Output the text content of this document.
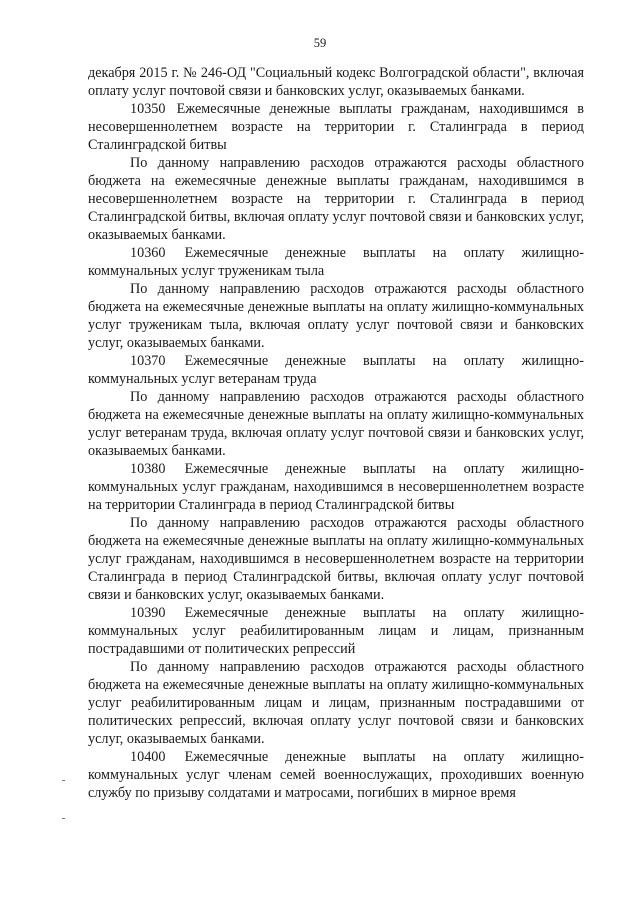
59

декабря 2015 г. № 246-ОД "Социальный кодекс Волгоградской области", включая оплату услуг почтовой связи и банковских услуг, оказываемых банками.

10350 Ежемесячные денежные выплаты гражданам, находившимся в несовершеннолетнем возрасте на территории г. Сталинграда в период Сталинградской битвы

По данному направлению расходов отражаются расходы областного бюджета на ежемесячные денежные выплаты гражданам, находившимся в несовершеннолетнем возрасте на территории г. Сталинграда в период Сталинградской битвы, включая оплату услуг почтовой связи и банковских услуг, оказываемых банками.

10360 Ежемесячные денежные выплаты на оплату жилищно-коммунальных услуг труженикам тыла

По данному направлению расходов отражаются расходы областного бюджета на ежемесячные денежные выплаты на оплату жилищно-коммунальных услуг труженикам тыла, включая оплату услуг почтовой связи и банковских услуг, оказываемых банками.

10370 Ежемесячные денежные выплаты на оплату жилищно-коммунальных услуг ветеранам труда

По данному направлению расходов отражаются расходы областного бюджета на ежемесячные денежные выплаты на оплату жилищно-коммунальных услуг ветеранам труда, включая оплату услуг почтовой связи и банковских услуг, оказываемых банками.

10380 Ежемесячные денежные выплаты на оплату жилищно-коммунальных услуг гражданам, находившимся в несовершеннолетнем возрасте на территории Сталинграда в период Сталинградской битвы

По данному направлению расходов отражаются расходы областного бюджета на ежемесячные денежные выплаты на оплату жилищно-коммунальных услуг гражданам, находившимся в несовершеннолетнем возрасте на территории Сталинграда в период Сталинградской битвы, включая оплату услуг почтовой связи и банковских услуг, оказываемых банками.

10390 Ежемесячные денежные выплаты на оплату жилищно-коммунальных услуг реабилитированным лицам и лицам, признанным пострадавшими от политических репрессий

По данному направлению расходов отражаются расходы областного бюджета на ежемесячные денежные выплаты на оплату жилищно-коммунальных услуг реабилитированным лицам и лицам, признанным пострадавшими от политических репрессий, включая оплату услуг почтовой связи и банковских услуг, оказываемых банками.

10400 Ежемесячные денежные выплаты на оплату жилищно-коммунальных услуг членам семей военнослужащих, проходивших военную службу по призыву солдатами и матросами, погибших в мирное время
